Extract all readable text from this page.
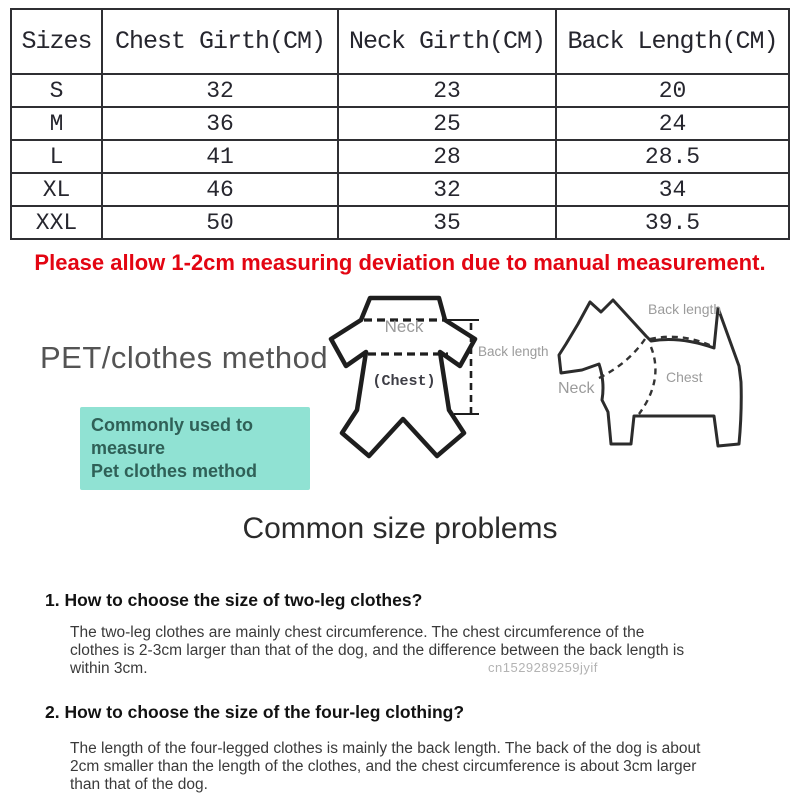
Sizes	Chest Girth(CM)	Neck Girth(CM)	Back Length(CM)
S	32	23	20
M	36	25	24
L	41	28	28.5
XL	46	32	34
XXL	50	35	39.5
Please allow 1-2cm measuring deviation due to manual measurement.
PET/clothes method
Commonly used to measure
Pet clothes method
Neck
(Chest)
Back length
Back length
Neck
Chest
Common size problems
1. How to choose the size of two-leg clothes?
The two-leg clothes are mainly chest circumference. The chest circumference of the clothes is 2-3cm larger than that of the dog, and the difference between the back length is within 3cm.	cn1529289259jyif
2. How to choose the size of the four-leg clothing?
The length of the four-legged clothes is mainly the back length. The back of the dog is about 2cm smaller than the length of the clothes, and the chest circumference is about 3cm larger than that of the dog.
